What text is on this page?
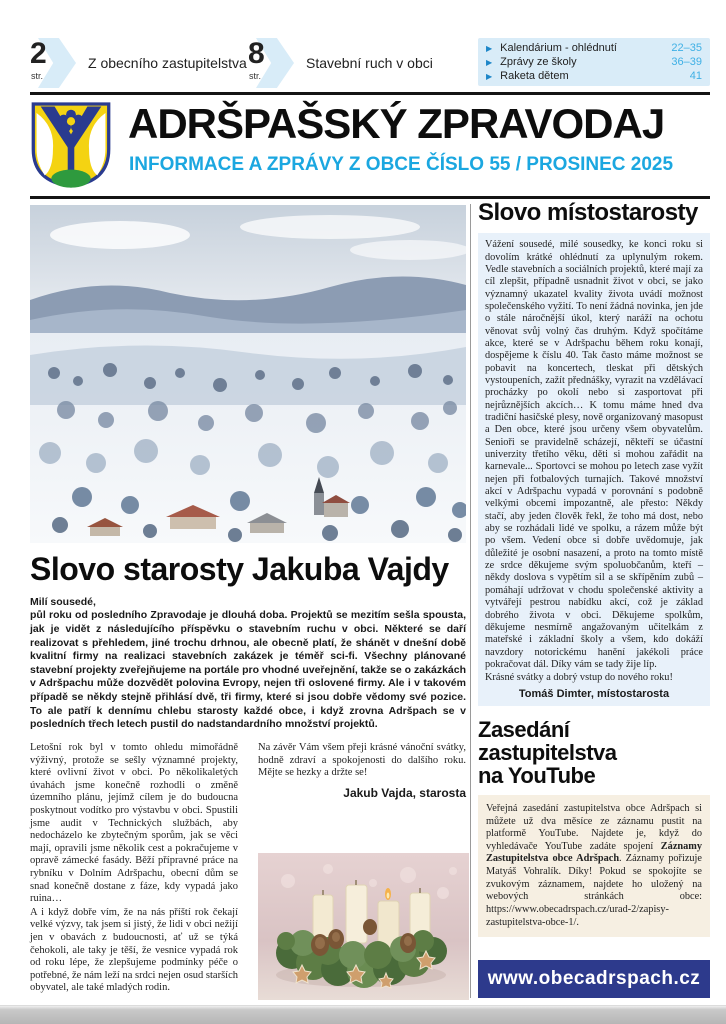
2
str.
Z obecního zastupitelstva 8
str.
Stavební ruch v obci
▶ Kalendárium - ohlédnutí	22–35
▶ Zprávy ze školy	36–39
▶ Raketa dětem	41
ADRŠPAŠSKÝ ZPRAVODAJ
INFORMACE A ZPRÁVY Z OBCE ČÍSLO 55 / PROSINEC 2025
Slovo starosty Jakuba Vajdy

Milí sousedé,
půl roku od posledního Zpravodaje je dlouhá doba. Projektů se mezitím sešla spousta, jak je vidět z následujícího příspěvku o stavebním ruchu v obci. Některé se daří realizovat s přehledem, jiné trochu drhnou, ale obecně platí, že shánět v dnešní době kvalitní firmy na realizaci stavebních zakázek je téměř sci-fi. Všechny plánované stavební projekty zveřejňujeme na portále pro vhodné uveřejnění, takže se o zakázkách v Adršpachu může dozvědět polovina Evropy, nejen tři oslovené firmy. Ale i v takovém případě se někdy stejně přihlásí dvě, tři firmy, které si jsou dobře vědomy své pozice. To ale patří k dennímu chlebu starosty každé obce, i když zrovna Adršpach se v posledních třech letech pustil do nadstandardního množství projektů.

Letošní rok byl v tomto ohledu mimořádně výživný, protože se sešly významné projekty, které ovlivní život v obci. Po několikaletých úvahách jsme konečně rozhodli o změně územního plánu, jejímž cílem je do budoucna poskytnout vodítko pro výstavbu v obci. Spustili jsme audit v Technických službách, aby nedocházelo ke zbytečným sporům, jak se věci mají, opravili jsme několik cest a pokračujeme v opravě zámecké fasády. Běží přípravné práce na rybníku v Dolním Adršpachu, obecní dům se snad konečně dostane z fáze, kdy vypadá jako ruina…

A i když dobře vím, že na nás příští rok čekají velké výzvy, tak jsem si jistý, že lidi v obci nežijí jen v obavách z budoucnosti, ať už se týká čehokoli, ale taky je těší, že vesnice vypadá rok od roku lépe, že zlepšujeme podmínky péče o potřebné, že nám leží na srdci nejen osud starších obyvatel, ale také mladých rodin.

Na závěr Vám všem přeji krásné vánoční svátky, hodně zdraví a spokojenosti do dalšího roku. Mějte se hezky a držte se!

Jakub Vajda, starosta

Slovo místostarosty

Vážení sousedé, milé sousedky, ke konci roku si dovolím krátké ohlédnutí za uplynulým rokem. Vedle stavebních a sociálních projektů, které mají za cíl zlepšit, případně usnadnit život v obci, se jako významný ukazatel kvality života uvádí možnost společenského vyžití. To není žádná novinka, jen jde o stále náročnější úkol, který naráží na ochotu věnovat svůj volný čas druhým. Když spočítáme akce, které se v Adršpachu během roku konají, dospějeme k číslu 40. Tak často máme možnost se pobavit na koncertech, tleskat při dětských vystoupeních, zažít přednášky, vyrazit na vzdělávací procházky po okolí nebo si zasportovat při nejrůznějších akcích… K tomu máme hned dva tradiční hasičské plesy, nově organizovaný masopust a Den obce, které jsou určeny všem obyvatelům. Senioři se pravidelně scházejí, někteří se účastní univerzity třetího věku, děti si mohou zařádit na karnevale... Sportovci se mohou po letech zase vyžít nejen při fotbalových turnajích. Takové množství akcí v Adršpachu vypadá v porovnání s podobně velkými obcemi impozantně, ale přesto: Někdy stačí, aby jeden člověk řekl, že toho má dost, nebo aby se rozhádali lidé ve spolku, a rázem může být po všem. Vedení obce si dobře uvědomuje, jak důležité je osobní nasazení, a proto na tomto místě ze srdce děkujeme svým spoluobčanům, kteří – někdy doslova s vypětím sil a se skřípěním zubů – pomáhají udržovat v chodu společenské aktivity a vytvářejí pestrou nabídku akcí, což je základ dobrého života v obci. Děkujeme spolkům, děkujeme nesmírně angažovaným učitelkám z mateřské i základní školy a všem, kdo dokáží navzdory notorickému hanění jakékoli práce pokračovat dál. Díky vám se tady žije líp.

Krásné svátky a dobrý vstup do nového roku!

Tomáš Dimter, místostarosta

Zasedání zastupitelstva
na YouTube

Veřejná zasedání zastupitelstva obce Adršpach si můžete už dva měsíce ze záznamu pustit na platformě YouTube. Najdete je, když do vyhledávače YouTube zadáte spojení Záznamy Zastupitelstva obce Adršpach. Záznamy pořizuje Matyáš Vohralík. Díky! Pokud se spokojíte se zvukovým záznamem, najdete ho uložený na webových stránkách obce: https://www.obecadrspach.cz/urad-2/zapisy-zastupitelstva-obce-1/.

www.obecadrspach.cz
